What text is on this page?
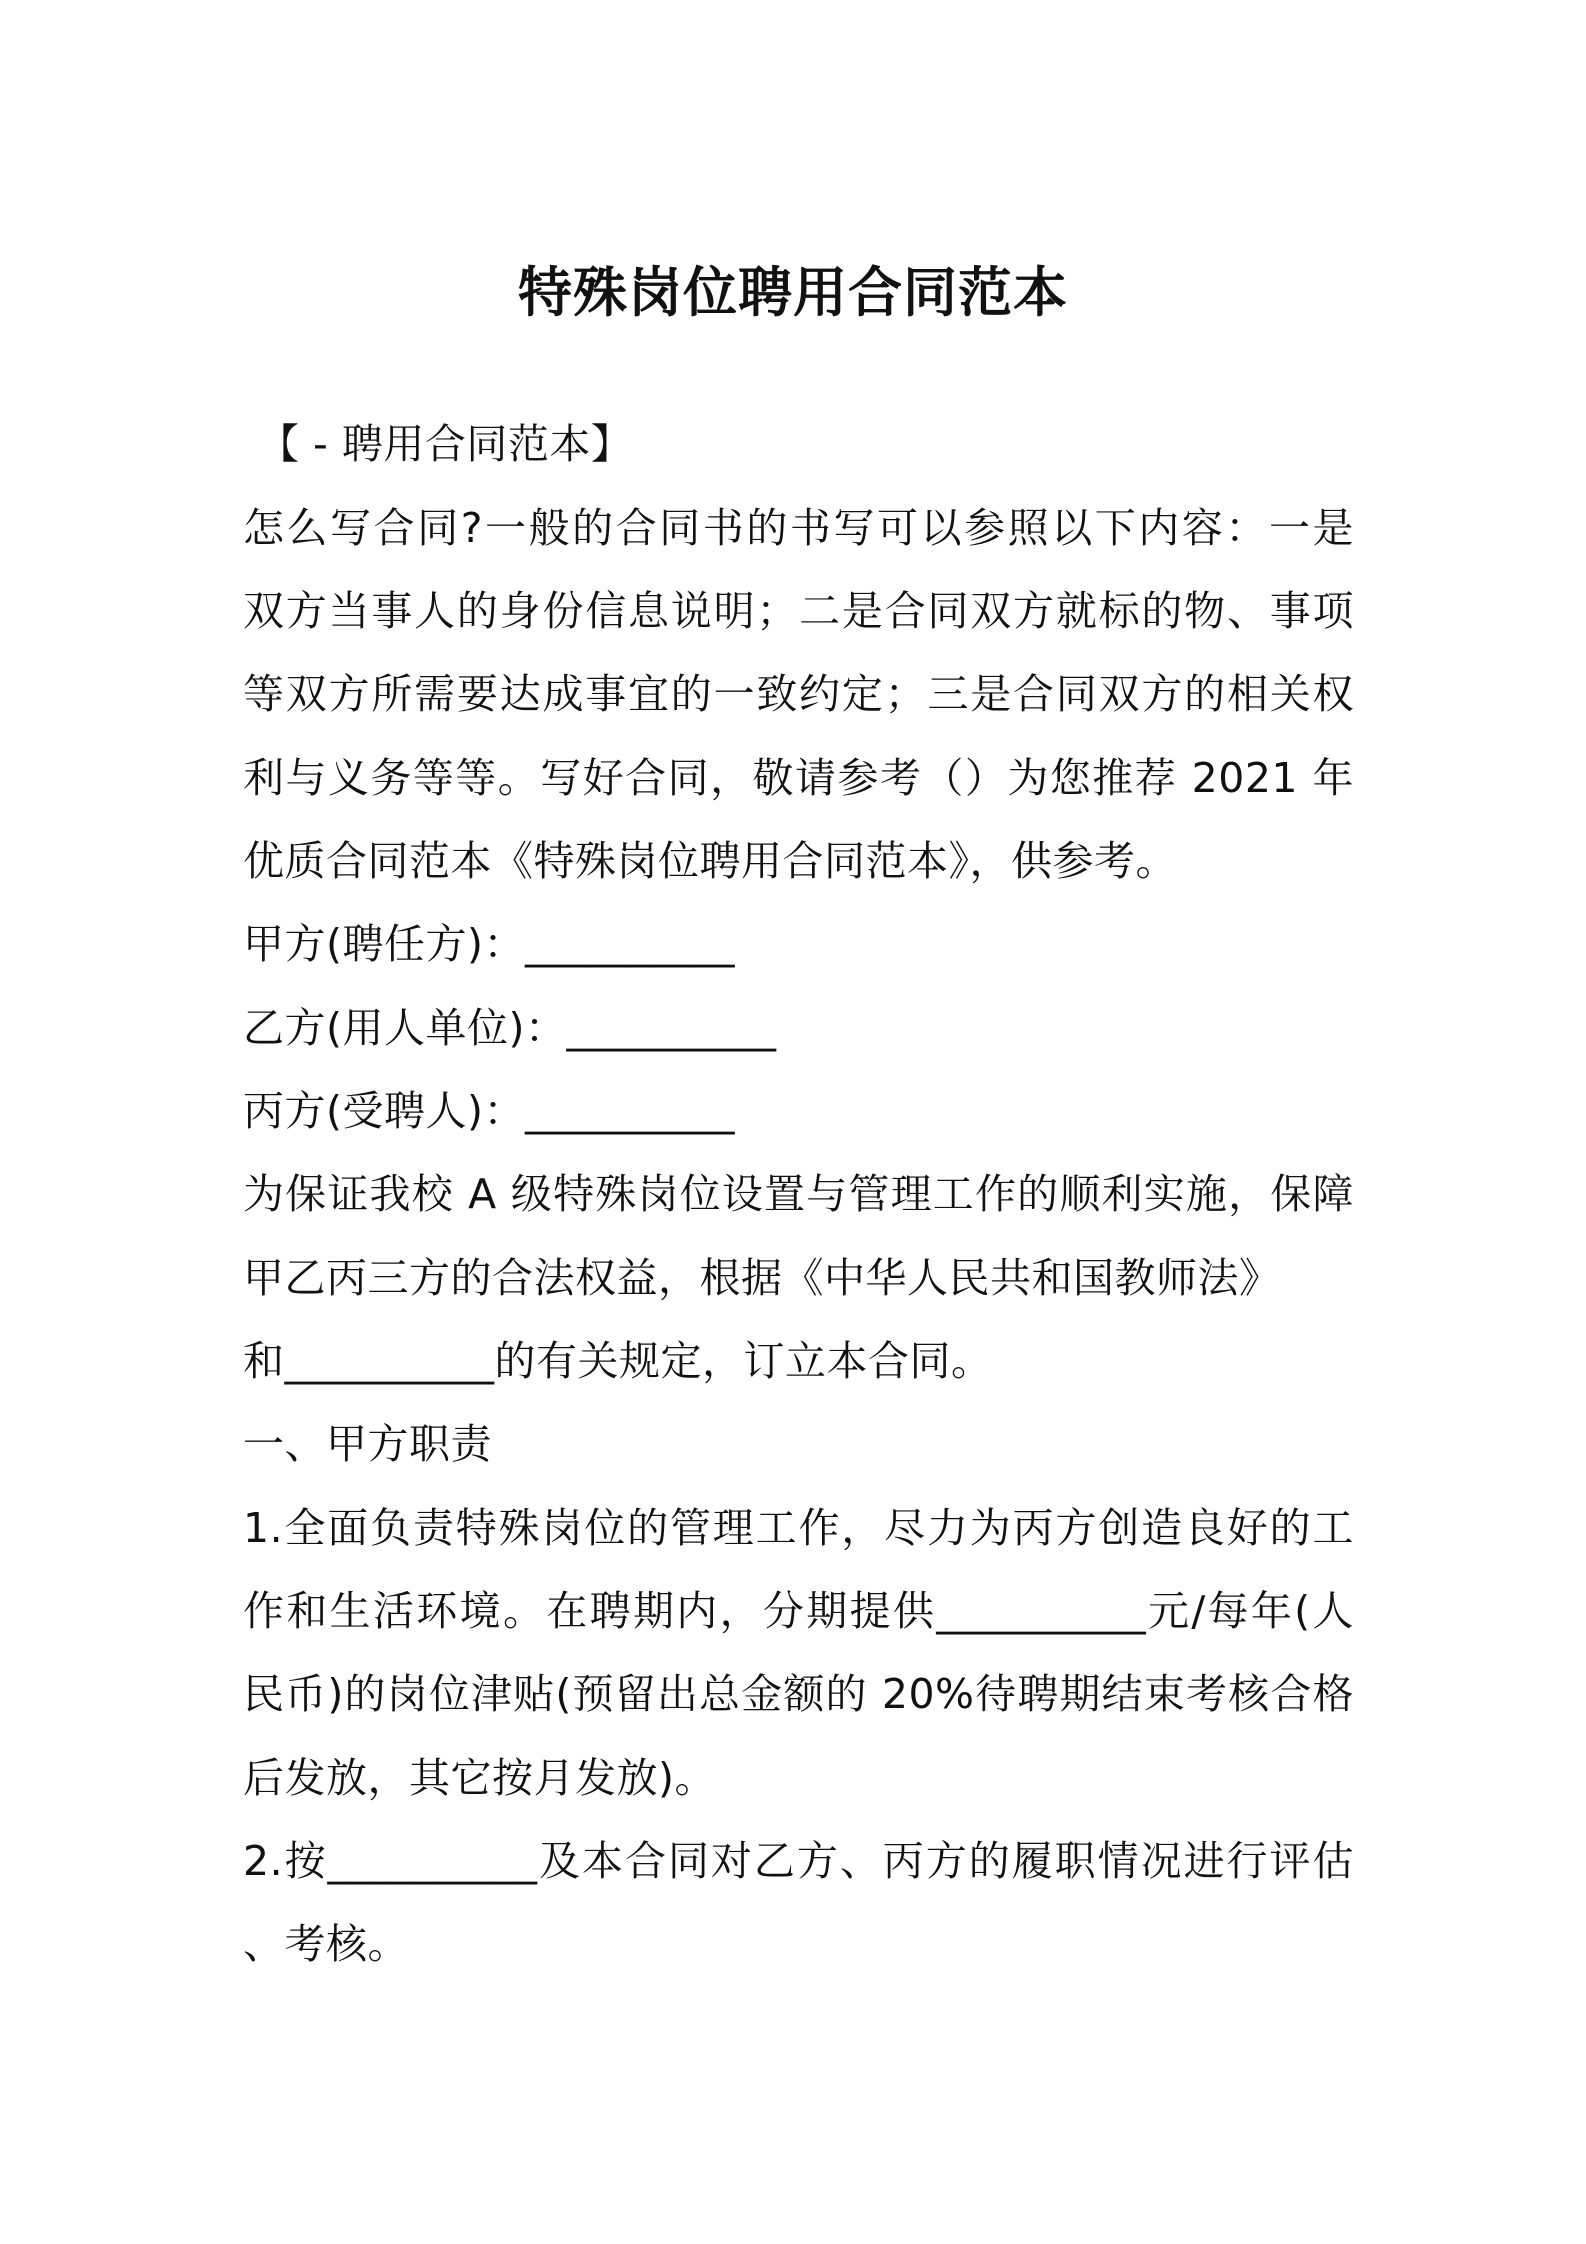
特殊岗位聘用合同范本
【 - 聘用合同范本】
怎么写合同?一般的合同书的书写可以参照以下内容：一是
双方当事人的身份信息说明；二是合同双方就标的物、事项
等双方所需要达成事宜的一致约定；三是合同双方的相关权
利与义务等等。写好合同，敬请参考（）为您推荐 2021 年
优质合同范本《特殊岗位聘用合同范本》，供参考。
甲方(聘任方)：__________
乙方(用人单位)：__________
丙方(受聘人)：__________
为保证我校 A 级特殊岗位设置与管理工作的顺利实施，保障
甲乙丙三方的合法权益，根据《中华人民共和国教师法》
和__________的有关规定，订立本合同。
一、甲方职责
1.全面负责特殊岗位的管理工作，尽力为丙方创造良好的工
作和生活环境。在聘期内，分期提供__________元/每年(人
民币)的岗位津贴(预留出总金额的 20%待聘期结束考核合格
后发放，其它按月发放)。
2.按__________及本合同对乙方、丙方的履职情况进行评估
、考核。
